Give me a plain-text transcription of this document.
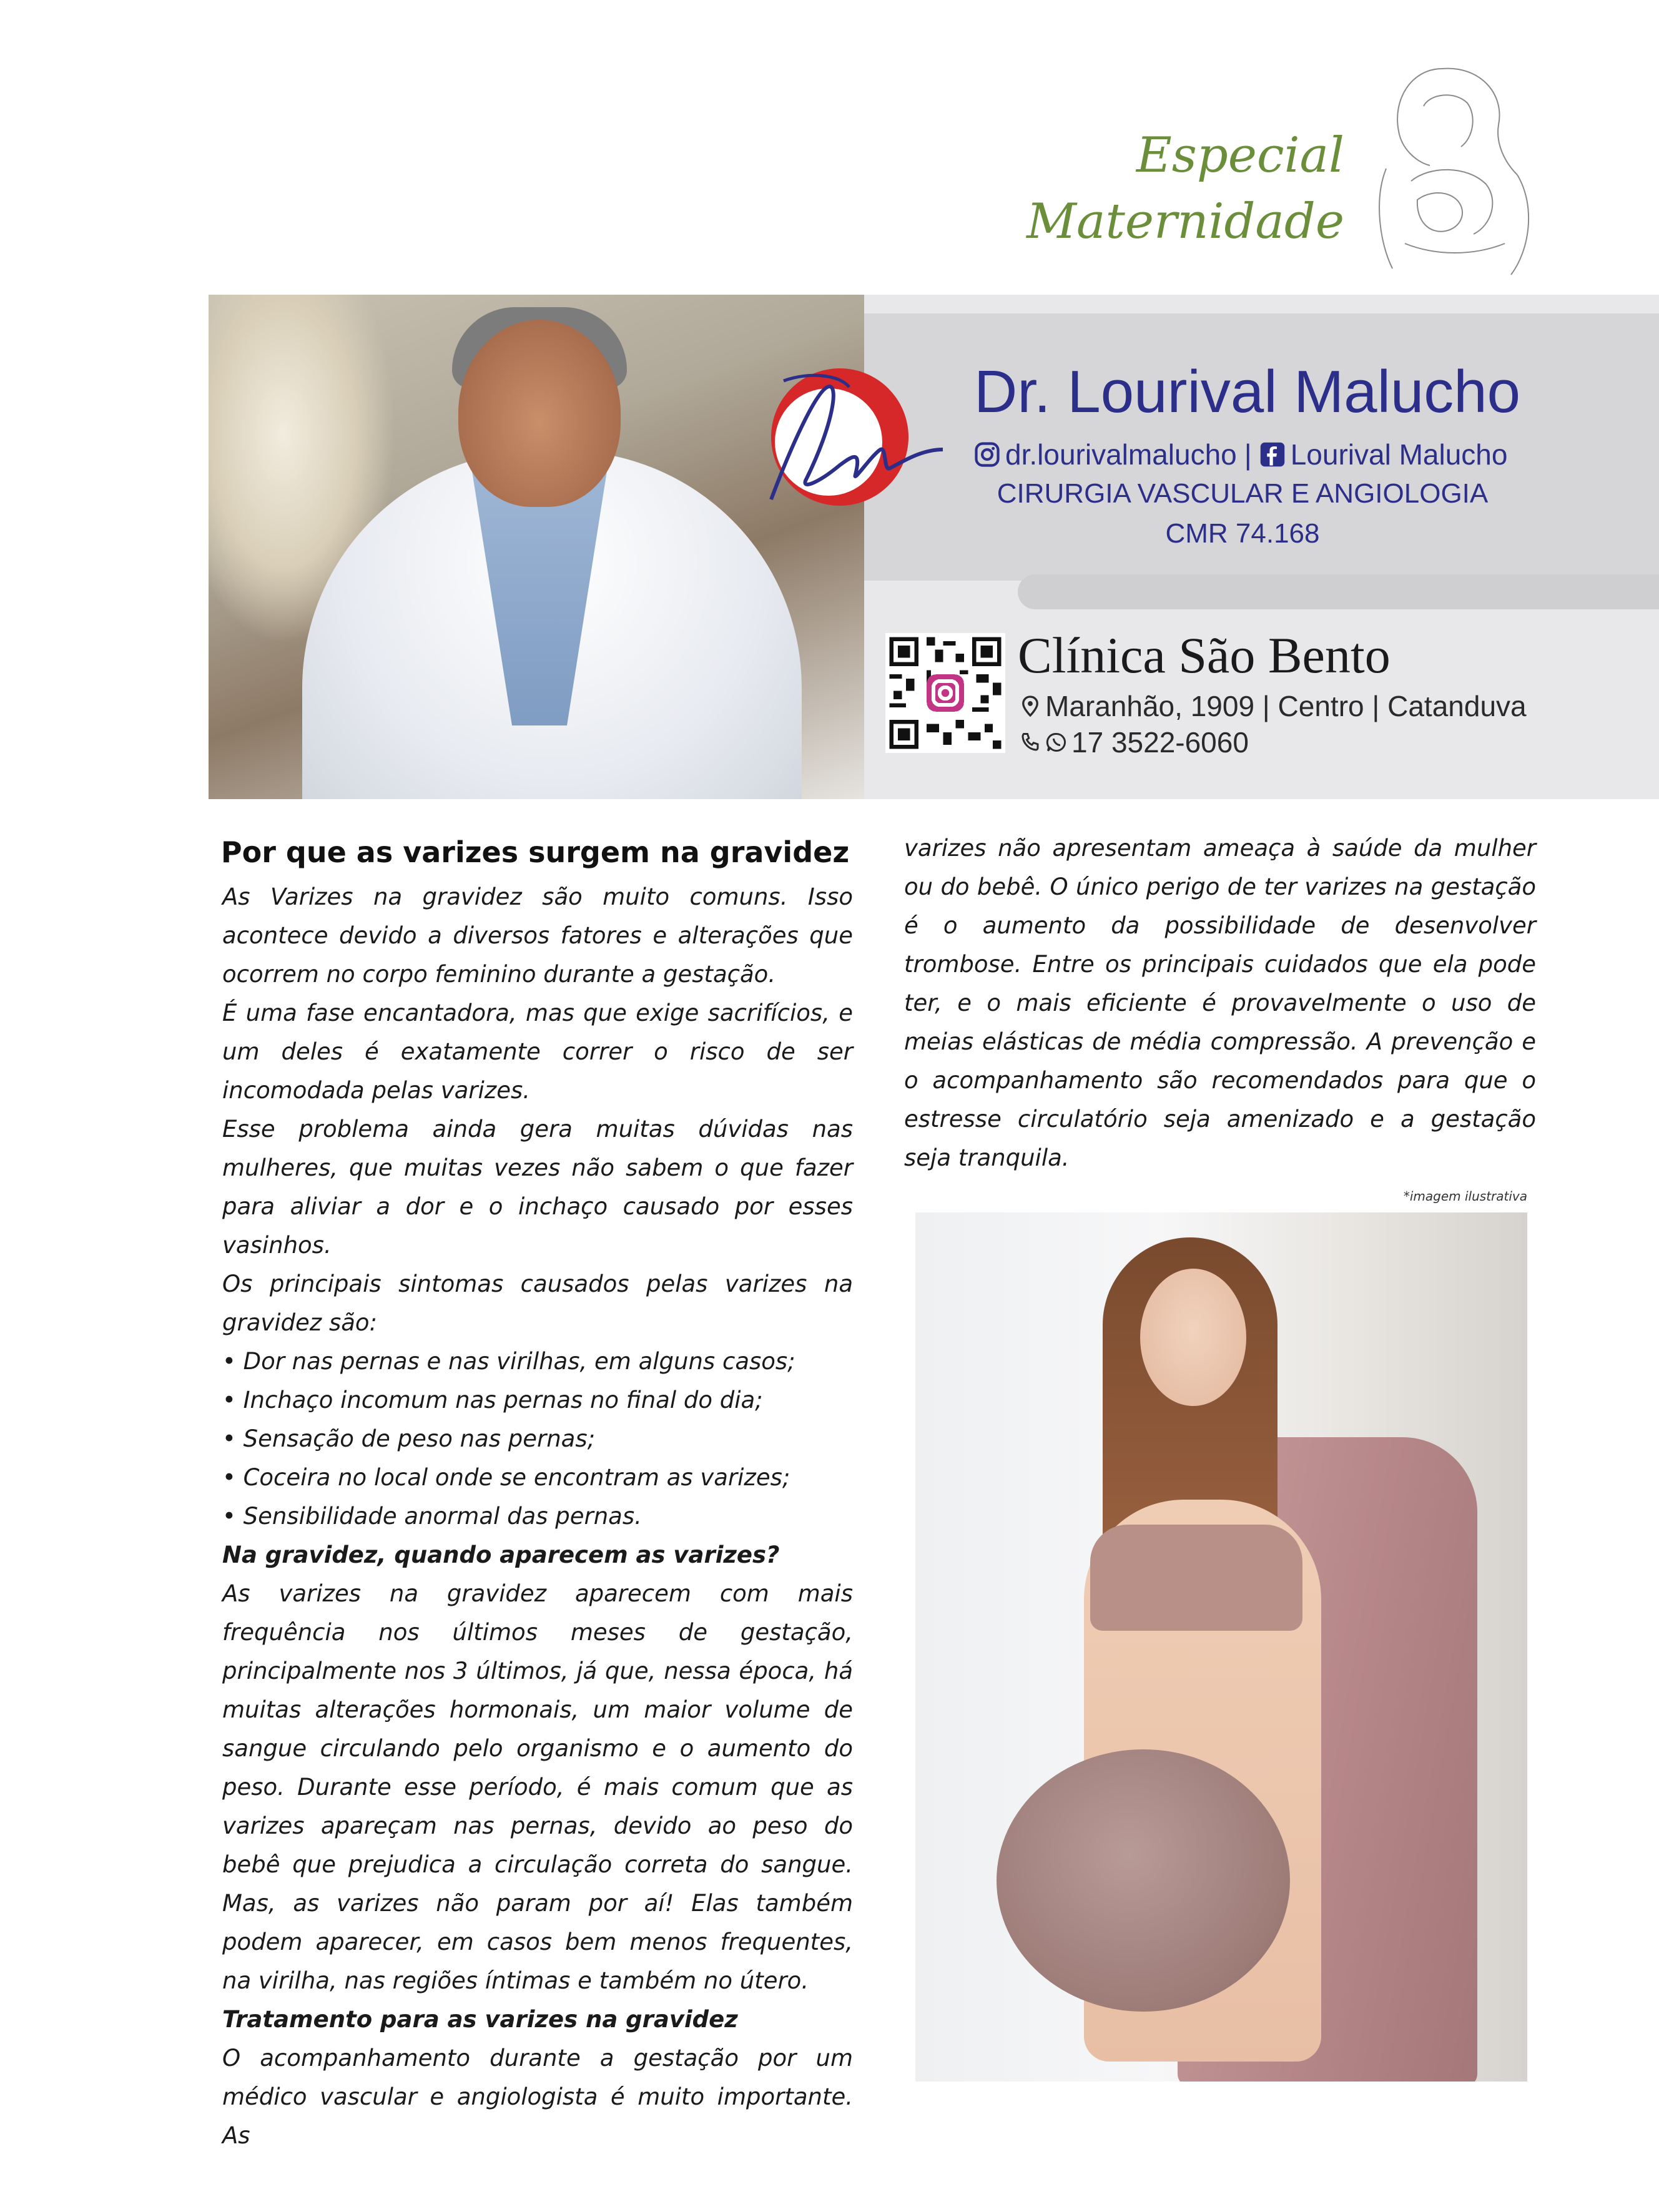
Especial
Maternidade
Dr. Lourival Malucho
dr.lourivalmalucho | Lourival Malucho
CIRURGIA VASCULAR E ANGIOLOGIA
CMR 74.168
Clínica São Bento
Maranhão, 1909 | Centro | Catanduva
17 3522-6060
Por que as varizes surgem na gravidez

As Varizes na gravidez são muito comuns. Isso acontece devido a diversos fatores e alterações que ocorrem no corpo feminino durante a gestação.

É uma fase encantadora, mas que exige sacrifícios, e um deles é exatamente correr o risco de ser incomodada pelas varizes.

Esse problema ainda gera muitas dúvidas nas mulheres, que muitas vezes não sabem o que fazer para aliviar a dor e o inchaço causado por esses vasinhos.

Os principais sintomas causados pelas varizes na gravidez são:

• Dor nas pernas e nas virilhas, em alguns casos;

• Inchaço incomum nas pernas no final do dia;

• Sensação de peso nas pernas;

• Coceira no local onde se encontram as varizes;

• Sensibilidade anormal das pernas.

Na gravidez, quando aparecem as varizes?

As varizes na gravidez aparecem com mais frequência nos últimos meses de gestação, principalmente nos 3 últimos, já que, nessa época, há muitas alterações hormonais, um maior volume de sangue circulando pelo organismo e o aumento do peso. Durante esse período, é mais comum que as varizes apareçam nas pernas, devido ao peso do bebê que prejudica a circulação correta do sangue. Mas, as varizes não param por aí! Elas também podem aparecer, em casos bem menos frequentes, na virilha, nas regiões íntimas e também no útero.

Tratamento para as varizes na gravidez

O acompanhamento durante a gestação por um médico vascular e angiologista é muito importante. As

varizes não apresentam ameaça à saúde da mulher ou do bebê. O único perigo de ter varizes na gestação é o aumento da possibilidade de desenvolver trombose. Entre os principais cuidados que ela pode ter, e o mais eficiente é provavelmente o uso de meias elásticas de média compressão. A prevenção e o acompanhamento são recomendados para que o estresse circulatório seja amenizado e a gestação seja tranquila.

*imagem ilustrativa
